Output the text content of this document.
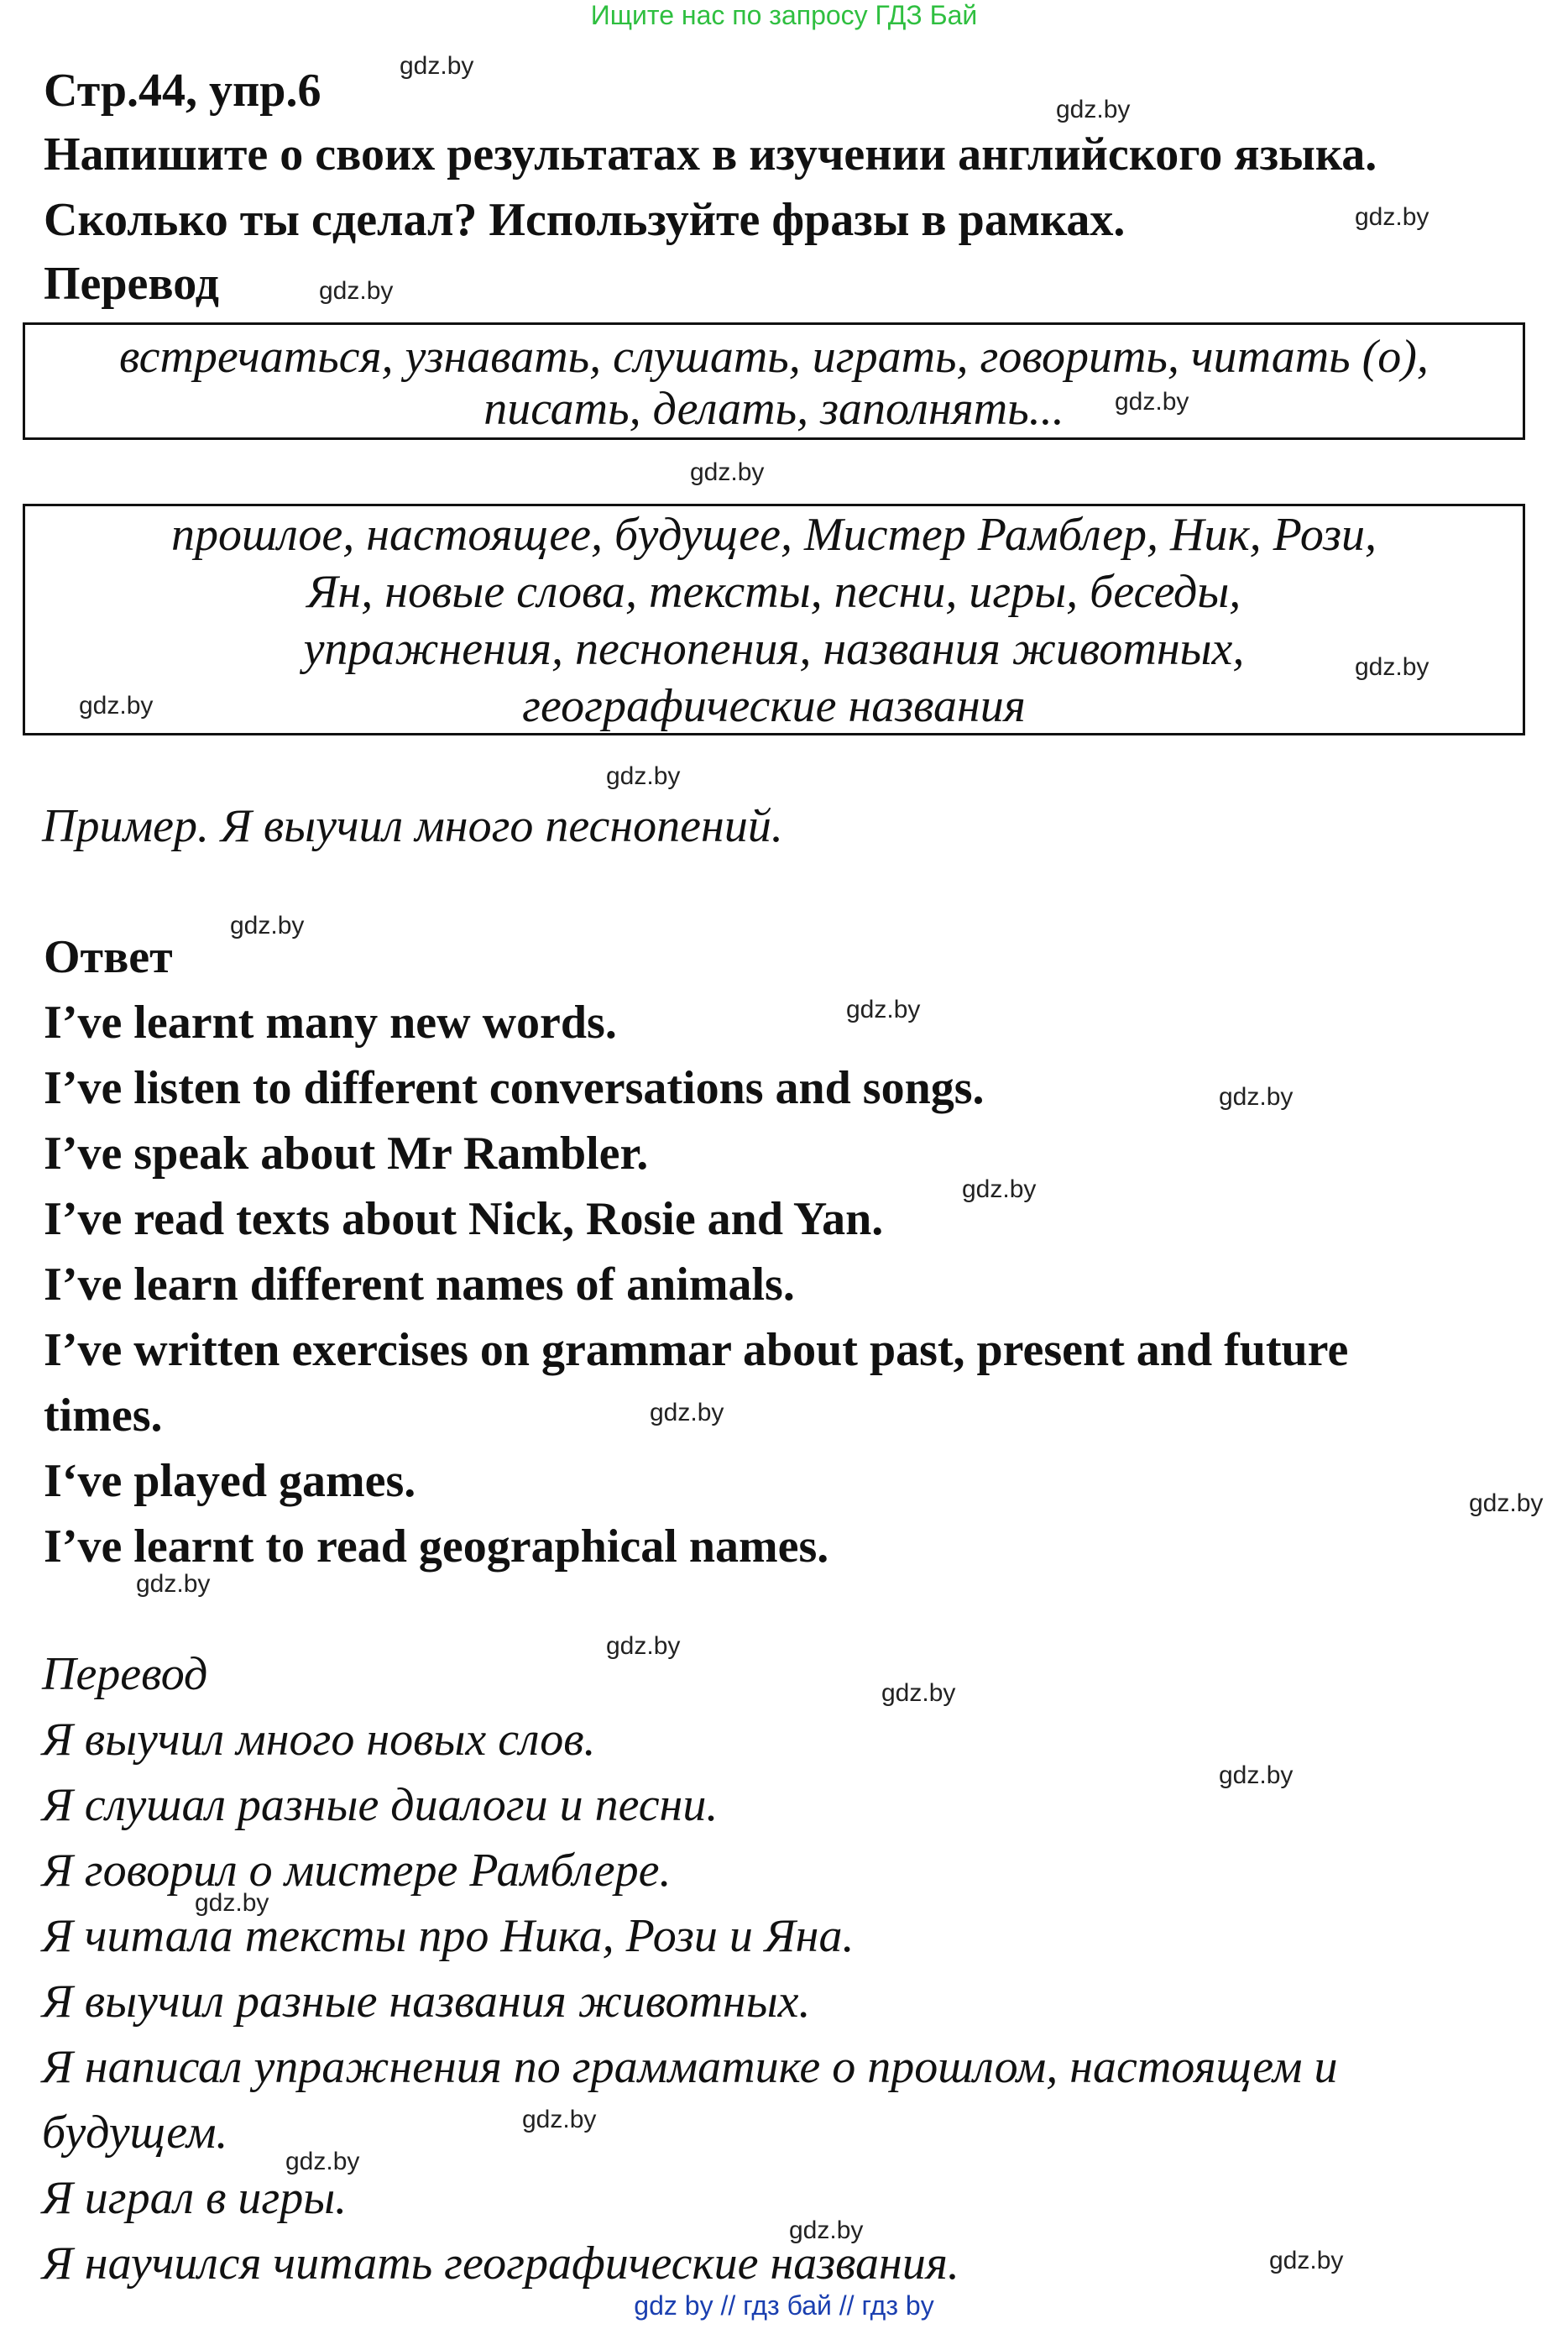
Ищите нас по запросу ГДЗ Бай
Стр.44, упр.6
Напишите о своих результатах в изучении английского языка.
Сколько ты сделал? Используйте фразы в рамках.
Перевод
встречаться, узнавать, слушать, играть, говорить, читать (о),
писать, делать, заполнять...
прошлое, настоящее, будущее, Мистер Рамблер, Ник, Рози,
Ян, новые слова, тексты, песни, игры, беседы,
упражнения, песнопения, названия животных,
географические названия
Пример. Я выучил много песнопений.
Ответ
I’ve learnt many new words.
I’ve listen to different conversations and songs.
I’ve speak about Mr Rambler.
I’ve read texts about Nick, Rosie and Yan.
I’ve learn different names of animals.
I’ve written exercises on grammar about past, present and future
times.
I‘ve played games.
I’ve learnt to read geographical names.
Перевод
Я выучил много новых слов.
Я слушал разные диалоги и песни.
Я говорил о мистере Рамблере.
Я читала тексты про Ника, Рози и Яна.
Я выучил разные названия животных.
Я написал упражнения по грамматике о прошлом, настоящем и
будущем.
Я играл в игры.
Я научился читать географические названия.
gdz.by
gdz.by
gdz.by
gdz.by
gdz.by
gdz.by
gdz.by
gdz.by
gdz.by
gdz.by
gdz.by
gdz.by
gdz.by
gdz.by
gdz.by
gdz.by
gdz.by
gdz.by
gdz.by
gdz.by
gdz.by
gdz.by
gdz.by
gdz.by
gdz by // гдз бай // гдз by
